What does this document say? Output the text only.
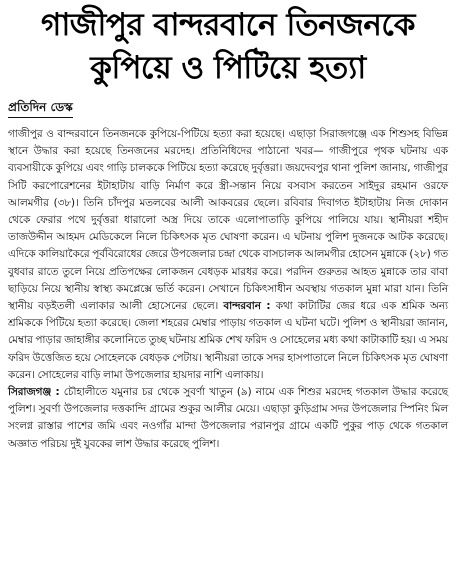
গাজীপুর বান্দরবানে তিনজনকে
কুপিয়ে ও পিটিয়ে হত্যা
প্রতিদিন ডেস্ক

গাজীপুর ও বান্দরবানে তিনজনকে কুপিয়ে-পিটিয়ে হত্যা করা হয়েছে। এছাড়া সিরাজগঞ্জে এক শিশুসহ বিভিন্ন স্থানে উদ্ধার করা হয়েছে তিনজনের মরদেহ। প্রতিনিধিদের পাঠানো খবর— গাজীপুরে পৃথক ঘটনায় এক ব্যবসায়ীকে কুপিয়ে এবং গাড়ি চালককে পিটিয়ে হত্যা করেছে দুর্বৃত্তরা। জয়দেবপুর থানা পুলিশ জানায়, গাজীপুর সিটি করপোরেশনের ইটাহাটায় বাড়ি নির্মাণ করে স্ত্রী-সন্তান নিয়ে বসবাস করতেন সাইদুর রহমান ওরফে আলমগীর (৩৮)। তিনি চাঁদপুর মতলবের আলী আকবরের ছেলে। রবিবার দিবাগত ইটাহাটায় নিজ দোকান থেকে ফেরার পথে দুর্বৃত্তরা ধারালো অস্ত্র দিয়ে তাকে এলোপাতাড়ি কুপিয়ে পালিয়ে যায়। স্থানীয়রা শহীদ তাজউদ্দীন আহমদ মেডিকেলে নিলে চিকিৎসক মৃত ঘোষণা করেন। এ ঘটনায় পুলিশ দুজনকে আটক করেছে। এদিকে কালিয়াকৈরে পূর্ববিরোধের জেরে উপজেলার চন্দ্রা থেকে বাসচালক আলমগীর হোসেন মুন্নাকে (২৮) গত বুধবার রাতে তুলে নিয়ে প্রতিপক্ষের লোকজন বেধড়ক মারধর করে। পরদিন গুরুতর আহত মুন্নাকে তার বাবা ছাড়িয়ে নিয়ে স্থানীয় স্বাস্থ্য কমপ্লেক্সে ভর্তি করেন। সেখানে চিকিৎসাধীন অবস্থায় গতকাল মুন্না মারা যান। তিনি স্থানীয় বড়ইতলী এলাকার আলী হোসেনের ছেলে। বান্দরবান : কথা কাটাটির জের ধরে এক শ্রমিক অন্য শ্রমিককে পিটিয়ে হত্যা করেছে। জেলা শহরের মেম্বার পাড়ায় গতকাল এ ঘটনা ঘটে। পুলিশ ও স্থানীয়রা জানান, মেম্বার পাড়ার জাহাঙ্গীর কলোনিতে তুচ্ছ ঘটনায় শ্রমিক শেখ ফরিদ ও সোহেলের মধ্য কথা কাটাকাটি হয়। এ সময় ফরিদ উত্তেজিত হয়ে সোহেলকে বেধড়ক পেটায়। স্থানীয়রা তাকে সদর হাসপাতালে নিলে চিকিৎসক মৃত ঘোষণা করেন। সোহেলের বাড়ি লামা উপজেলার হায়দার নাশি এলাকায়।

সিরাজগঞ্জ : চৌহালীতে যমুনার চর থেকে সুবর্ণা খাতুন (৯) নামে এক শিশুর মরদেহ গতকাল উদ্ধার করেছে পুলিশ। সুবর্ণা উপজেলার দত্তকান্দি গ্রামের শুকুর আলীর মেয়ে। এছাড়া কুড়িগ্রাম সদর উপজেলার স্পিনিং মিল সংলগ্ন রাস্তার পাশের জমি এবং নওগাঁর মান্দা উপজেলার পরানপুর গ্রামে একটি পুকুর পাড় থেকে গতকাল অজ্ঞাত পরিচয় দুই যুবকের লাশ উদ্ধার করেছে পুলিশ।
